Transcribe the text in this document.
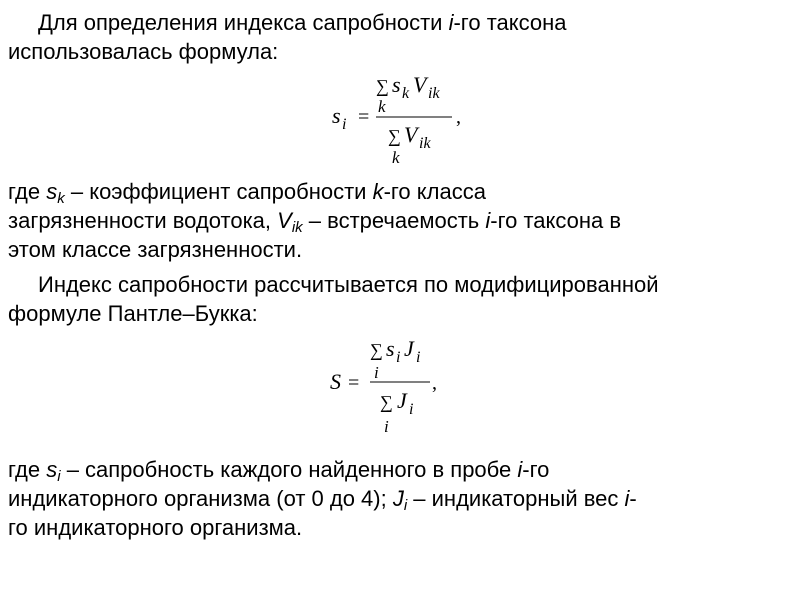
Для определения индекса сапробности i-го таксона
использовалась формула:
s i =
∑ s k V ik
k
∑ V ik
k
,
где $s_k$ – коэффициент сапробности k-го класса
загрязненности водотока, $V_{ik}$ – встречаемость i-го таксона в
этом классе загрязненности.
Индекс сапробности рассчитывается по модифицированной
формуле Пантле–Букка:
S =
∑ s i J i
i
∑ J i
i
,
где $s_i$ – сапробность каждого найденного в пробе i-го
индикаторного организма (от 0 до 4); $J_i$ – индикаторный вес i-
го индикаторного организма.
